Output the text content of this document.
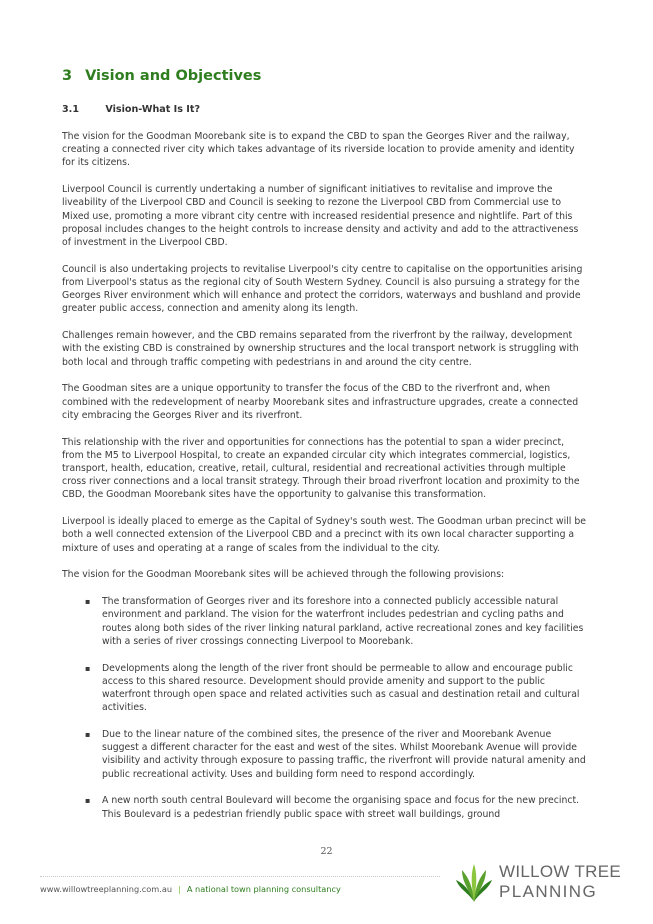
3 Vision and Objectives
3.1	Vision-What Is It?

The vision for the Goodman Moorebank site is to expand the CBD to span the Georges River and the railway, creating a connected river city which takes advantage of its riverside location to provide amenity and identity for its citizens.

Liverpool Council is currently undertaking a number of significant initiatives to revitalise and improve the liveability of the Liverpool CBD and Council is seeking to rezone the Liverpool CBD from Commercial use to Mixed use, promoting a more vibrant city centre with increased residential presence and nightlife. Part of this proposal includes changes to the height controls to increase density and activity and add to the attractiveness of investment in the Liverpool CBD.

Council is also undertaking projects to revitalise Liverpool's city centre to capitalise on the opportunities arising from Liverpool's status as the regional city of South Western Sydney. Council is also pursuing a strategy for the Georges River environment which will enhance and protect the corridors, waterways and bushland and provide greater public access, connection and amenity along its length.

Challenges remain however, and the CBD remains separated from the riverfront by the railway, development with the existing CBD is constrained by ownership structures and the local transport network is struggling with both local and through traffic competing with pedestrians in and around the city centre.

The Goodman sites are a unique opportunity to transfer the focus of the CBD to the riverfront and, when combined with the redevelopment of nearby Moorebank sites and infrastructure upgrades, create a connected city embracing the Georges River and its riverfront.

This relationship with the river and opportunities for connections has the potential to span a wider precinct, from the M5 to Liverpool Hospital, to create an expanded circular city which integrates commercial, logistics, transport, health, education, creative, retail, cultural, residential and recreational activities through multiple cross river connections and a local transit strategy. Through their broad riverfront location and proximity to the CBD, the Goodman Moorebank sites have the opportunity to galvanise this transformation.

Liverpool is ideally placed to emerge as the Capital of Sydney's south west. The Goodman urban precinct will be both a well connected extension of the Liverpool CBD and a precinct with its own local character supporting a mixture of uses and operating at a range of scales from the individual to the city.

The vision for the Goodman Moorebank sites will be achieved through the following provisions:

▪ The transformation of Georges river and its foreshore into a connected publicly accessible natural environment and parkland. The vision for the waterfront includes pedestrian and cycling paths and routes along both sides of the river linking natural parkland, active recreational zones and key facilities with a series of river crossings connecting Liverpool to Moorebank.
▪ Developments along the length of the river front should be permeable to allow and encourage public access to this shared resource. Development should provide amenity and support to the public waterfront through open space and related activities such as casual and destination retail and cultural activities.
▪ Due to the linear nature of the combined sites, the presence of the river and Moorebank Avenue suggest a different character for the east and west of the sites. Whilst Moorebank Avenue will provide visibility and activity through exposure to passing traffic, the riverfront will provide natural amenity and public recreational activity. Uses and building form need to respond accordingly.
▪ A new north south central Boulevard will become the organising space and focus for the new precinct. This Boulevard is a pedestrian friendly public space with street wall buildings, ground
22
www.willowtreeplanning.com.au | A national town planning consultancy
WILLOW TREE
PLANNING
